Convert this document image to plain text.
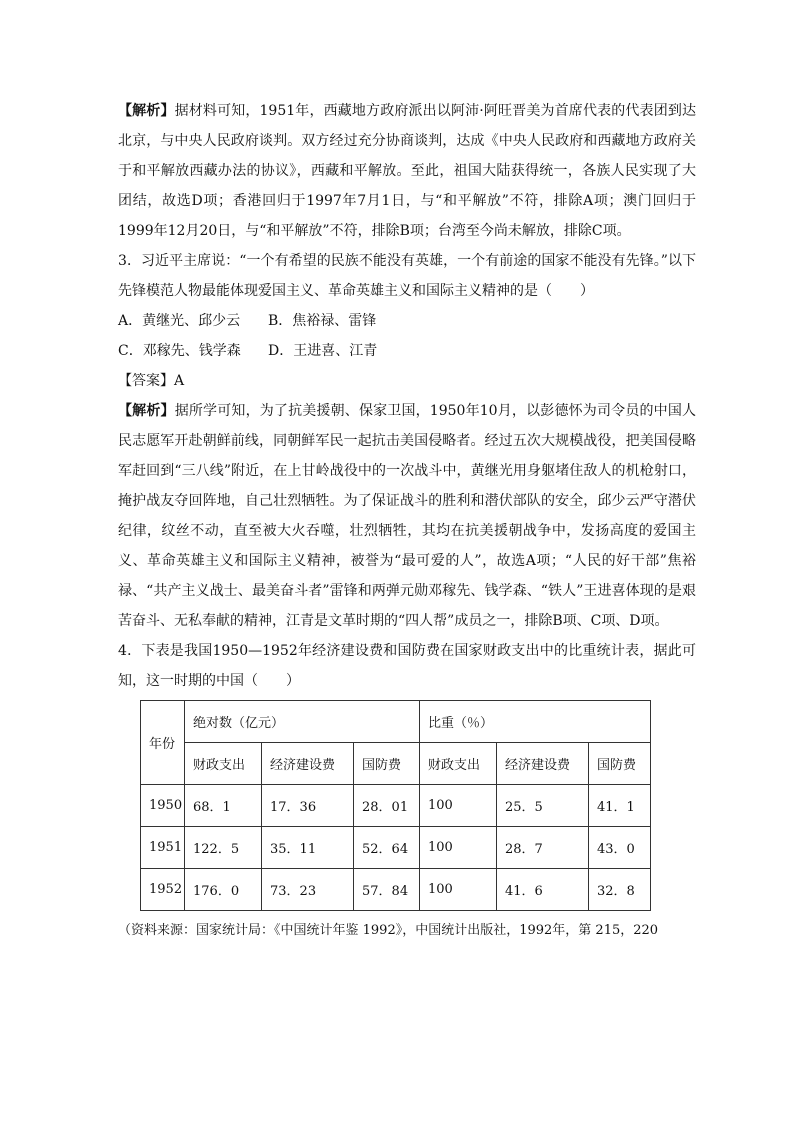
【解析】据材料可知，1951年，西藏地方政府派出以阿沛·阿旺晋美为首席代表的代表团到达北京，与中央人民政府谈判。双方经过充分协商谈判，达成《中央人民政府和西藏地方政府关于和平解放西藏办法的协议》，西藏和平解放。至此，祖国大陆获得统一，各族人民实现了大团结，故选D项；香港回归于1997年7月1日，与“和平解放”不符，排除A项；澳门回归于1999年12月20日，与“和平解放”不符，排除B项；台湾至今尚未解放，排除C项。

3．习近平主席说：“一个有希望的民族不能没有英雄，一个有前途的国家不能没有先锋。”以下先锋模范人物最能体现爱国主义、革命英雄主义和国际主义精神的是（　　）

A．黄继光、邱少云 B．焦裕禄、雷锋
C．邓稼先、钱学森 D．王进喜、江青

【答案】A

【解析】据所学可知，为了抗美援朝、保家卫国，1950年10月，以彭德怀为司令员的中国人民志愿军开赴朝鲜前线，同朝鲜军民一起抗击美国侵略者。经过五次大规模战役，把美国侵略军赶回到“三八线”附近，在上甘岭战役中的一次战斗中，黄继光用身躯堵住敌人的机枪射口，掩护战友夺回阵地，自己壮烈牺牲。为了保证战斗的胜利和潜伏部队的安全，邱少云严守潜伏纪律，纹丝不动，直至被大火吞噬，壮烈牺牲，其均在抗美援朝战争中，发扬高度的爱国主义、革命英雄主义和国际主义精神，被誉为“最可爱的人”，故选A项；“人民的好干部”焦裕禄、“共产主义战士、最美奋斗者”雷锋和两弹元勋邓稼先、钱学森、“铁人”王进喜体现的是艰苦奋斗、无私奉献的精神，江青是文革时期的“四人帮”成员之一，排除B项、C项、D项。

4．下表是我国1950—1952年经济建设费和国防费在国家财政支出中的比重统计表，据此可知，这一时期的中国（　　）

年份	绝对数（亿元）			比重（％）		
	财政支出	经济建设费	国防费	财政支出	经济建设费	国防费
1950	68．1	17．36	28．01	100	25．5	41．1
1951	122．5	35．11	52．64	100	28．7	43．0
1952	176．0	73．23	57．84	100	41．6	32．8

（资料来源：国家统计局：《中国统计年鉴 1992》，中国统计出版社，1992年，第 215，220
